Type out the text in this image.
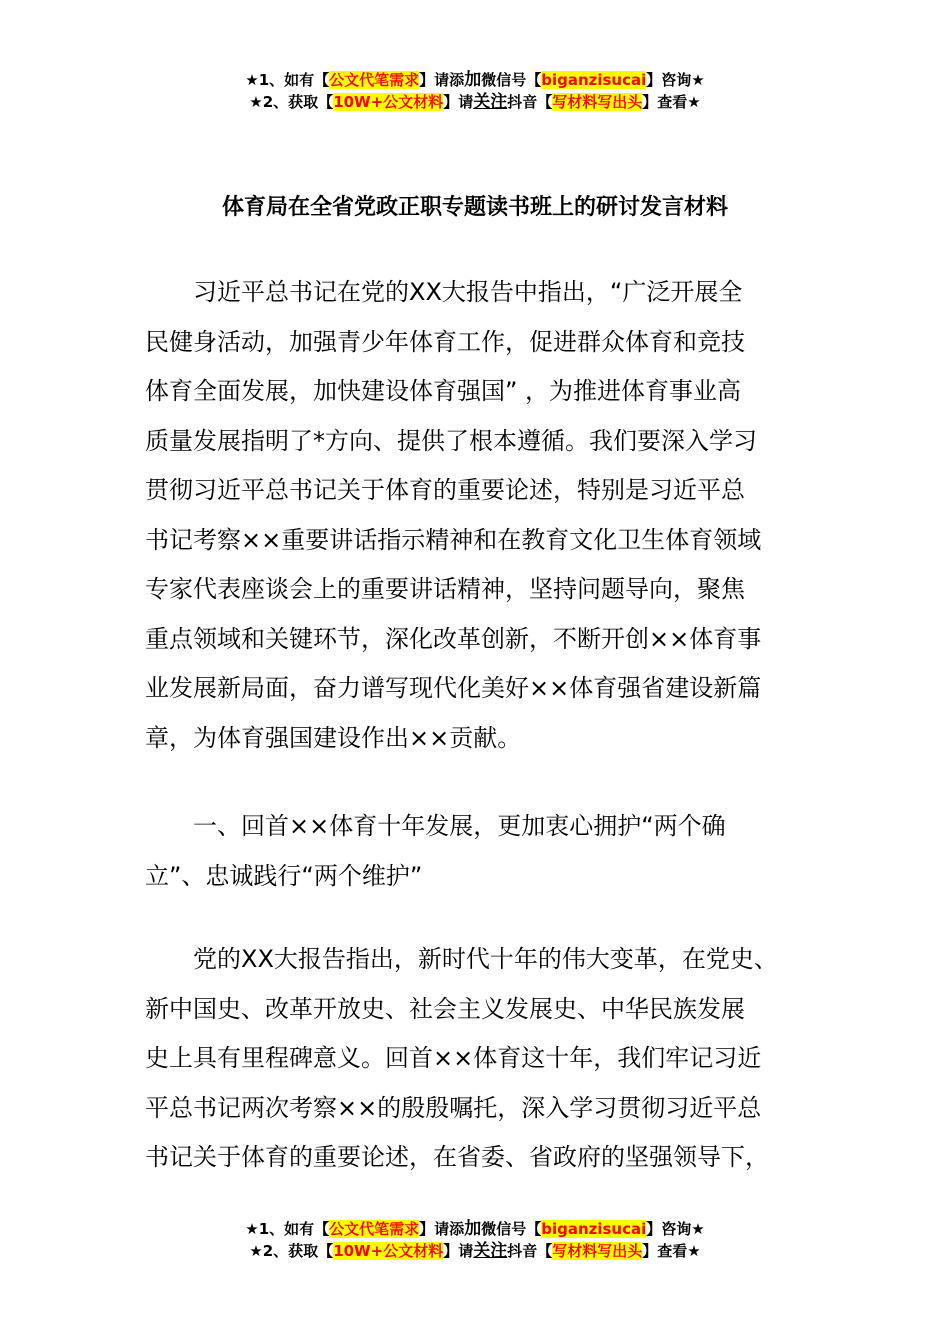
★1、如有【公文代笔需求】请添加微信号【biganzisucai】咨询★
★2、获取【10W+公文材料】请关注抖音【写材料写出头】查看★
体育局在全省党政正职专题读书班上的研讨发言材料
习近平总书记在党的XX大报告中指出，“广泛开展全
民健身活动，加强青少年体育工作，促进群众体育和竞技
体育全面发展，加快建设体育强国” ，为推进体育事业高
质量发展指明了*方向、提供了根本遵循。我们要深入学习
贯彻习近平总书记关于体育的重要论述，特别是习近平总
书记考察××重要讲话指示精神和在教育文化卫生体育领域
专家代表座谈会上的重要讲话精神，坚持问题导向，聚焦
重点领域和关键环节，深化改革创新，不断开创××体育事
业发展新局面，奋力谱写现代化美好××体育强省建设新篇
章，为体育强国建设作出××贡献。
一、回首××体育十年发展，更加衷心拥护“两个确
立”、忠诚践行“两个维护”
党的XX大报告指出，新时代十年的伟大变革，在党史、
新中国史、改革开放史、社会主义发展史、中华民族发展
史上具有里程碑意义。回首××体育这十年，我们牢记习近
平总书记两次考察××的殷殷嘱托，深入学习贯彻习近平总
书记关于体育的重要论述，在省委、省政府的坚强领导下，
★1、如有【公文代笔需求】请添加微信号【biganzisucai】咨询★
★2、获取【10W+公文材料】请关注抖音【写材料写出头】查看★
